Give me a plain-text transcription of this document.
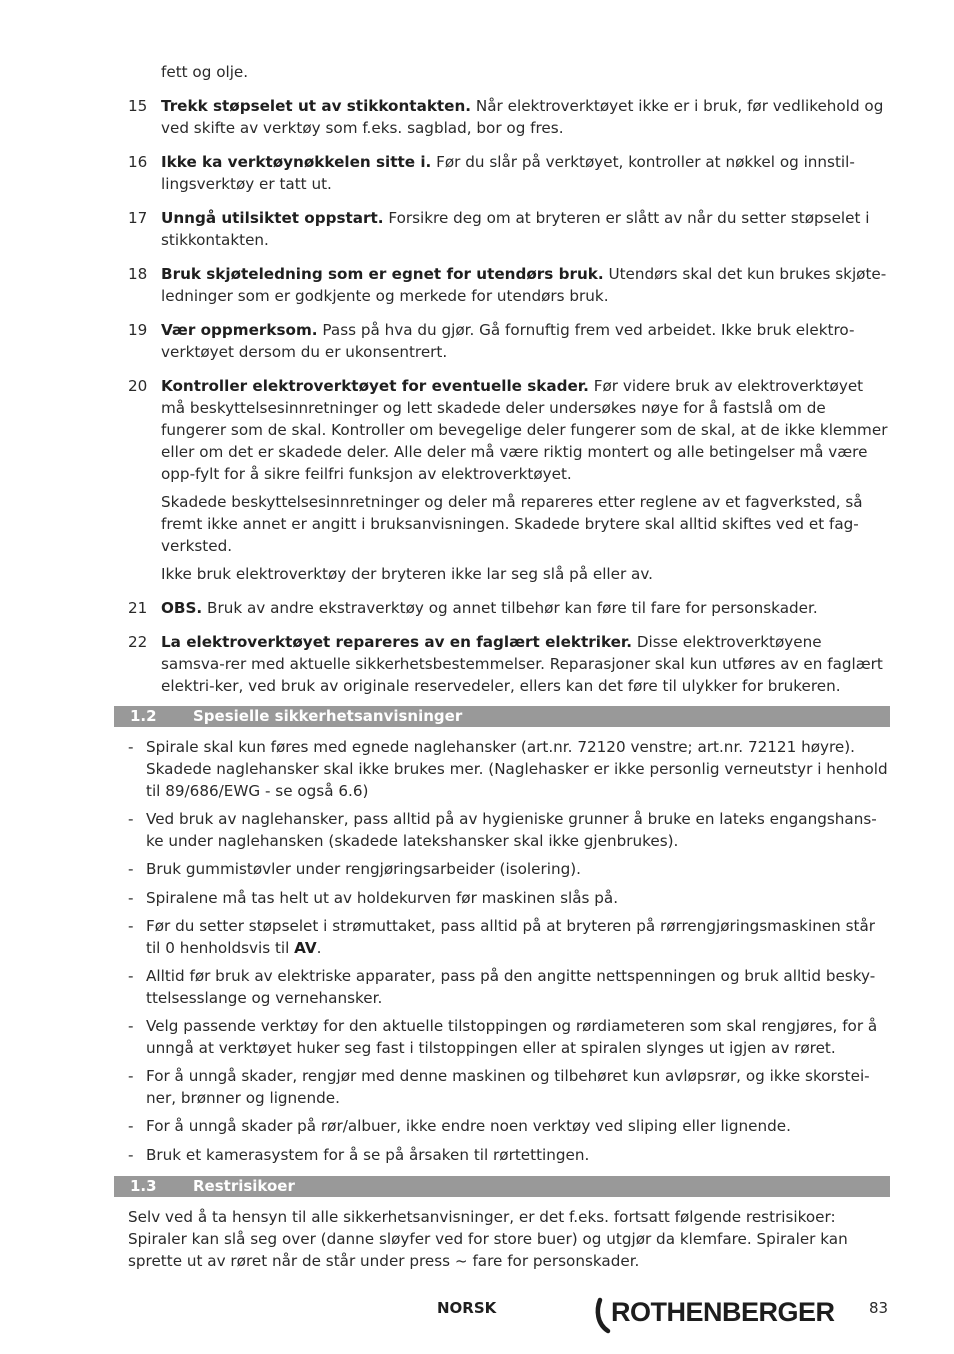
fett og olje.
15 Trekk støpselet ut av stikkontakten. Når elektroverktøyet ikke er i bruk, før vedlikehold og ved skifte av verktøy som f.eks. sagblad, bor og fres.
16 Ikke ka verktøynøkkelen sitte i. Før du slår på verktøyet, kontroller at nøkkel og innstil-lingsverktøy er tatt ut.
17 Unngå utilsiktet oppstart. Forsikre deg om at bryteren er slått av når du setter støpselet i stikkontakten.
18 Bruk skjøteledning som er egnet for utendørs bruk. Utendørs skal det kun brukes skjøte-ledninger som er godkjente og merkede for utendørs bruk.
19 Vær oppmerksom. Pass på hva du gjør. Gå fornuftig frem ved arbeidet. Ikke bruk elektro-verktøyet dersom du er ukonsentrert.
20 Kontroller elektroverktøyet for eventuelle skader. Før videre bruk av elektroverktøyet må beskyttelsesinnretninger og lett skadede deler undersøkes nøye for å fastslå om de fungerer som de skal. Kontroller om bevegelige deler fungerer som de skal, at de ikke klemmer eller om det er skadede deler. Alle deler må være riktig montert og alle betingelser må være opp-fylt for å sikre feilfri funksjon av elektroverktøyet.
Skadede beskyttelsesinnretninger og deler må repareres etter reglene av et fagverksted, så fremt ikke annet er angitt i bruksanvisningen. Skadede brytere skal alltid skiftes ved et fag-verksted.
Ikke bruk elektroverktøy der bryteren ikke lar seg slå på eller av.
21 OBS. Bruk av andre ekstraverktøy og annet tilbehør kan føre til fare for personskader.
22 La elektroverktøyet repareres av en faglært elektriker. Disse elektroverktøyene samsva-rer med aktuelle sikkerhetsbestemmelser. Reparasjoner skal kun utføres av en faglært elektri-ker, ved bruk av originale reservedeler, ellers kan det føre til ulykker for brukeren.
1.2 Spesielle sikkerhetsanvisninger
- Spirale skal kun føres med egnede naglehansker (art.nr. 72120 venstre; art.nr. 72121 høyre). Skadede naglehansker skal ikke brukes mer. (Naglehasker er ikke personlig verneutstyr i henhold til 89/686/EWG - se også 6.6)
- Ved bruk av naglehansker, pass alltid på av hygieniske grunner å bruke en lateks engangshans-ke under naglehansken (skadede latekshansker skal ikke gjenbrukes).
- Bruk gummistøvler under rengjøringsarbeider (isolering).
- Spiralene må tas helt ut av holdekurven før maskinen slås på.
- Før du setter støpselet i strømuttaket, pass alltid på at bryteren på rørrengjøringsmaskinen står til 0 henholdsvis til AV.
- Alltid før bruk av elektriske apparater, pass på den angitte nettspenningen og bruk alltid besky-ttelsesslange og vernehansker.
- Velg passende verktøy for den aktuelle tilstoppingen og rørdiameteren som skal rengjøres, for å unngå at verktøyet huker seg fast i tilstoppingen eller at spiralen slynges ut igjen av røret.
- For å unngå skader, rengjør med denne maskinen og tilbehøret kun avløpsrør, og ikke skorstei-ner, brønner og lignende.
- For å unngå skader på rør/albuer, ikke endre noen verktøy ved sliping eller lignende.
- Bruk et kamerasystem for å se på årsaken til rørtettingen.
1.3 Restrisikoer
Selv ved å ta hensyn til alle sikkerhetsanvisninger, er det f.eks. fortsatt følgende restrisikoer: Spiraler kan slå seg over (danne sløyfer ved for store buer) og utgjør da klemfare. Spiraler kan sprette ut av røret når de står under press ~ fare for personskader.
NORSK	ROTHENBERGER 83
